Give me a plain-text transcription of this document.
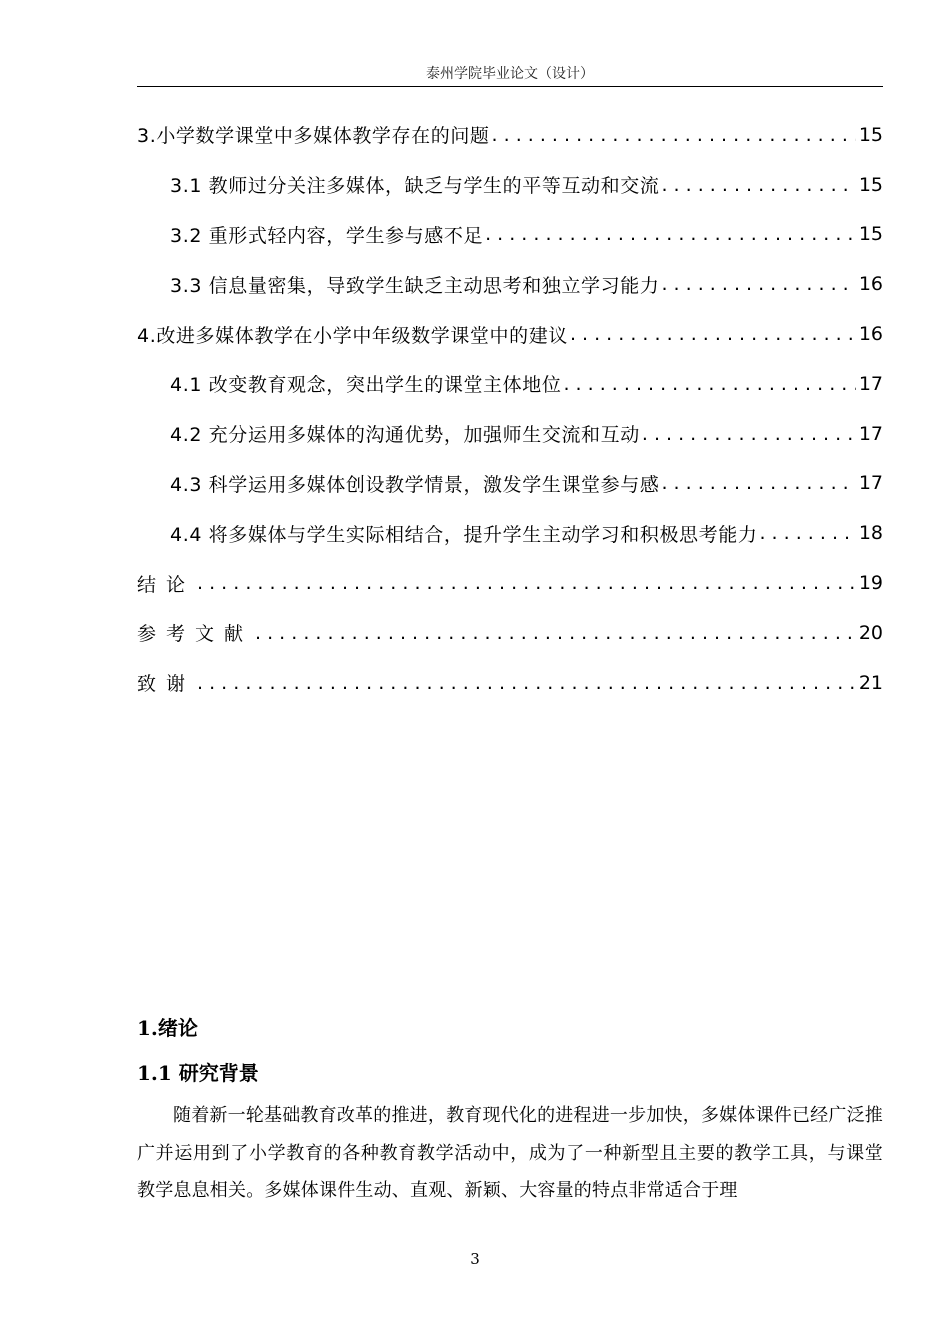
泰州学院毕业论文（设计）
3.小学数学课堂中多媒体教学存在的问题 . . .	15
3.1 教师过分关注多媒体，缺乏与学生的平等互动和交流 . . .	15
3.2 重形式轻内容，学生参与感不足 . . .	15
3.3 信息量密集，导致学生缺乏主动思考和独立学习能力 . . .	16
4.改进多媒体教学在小学中年级数学课堂中的建议 . . .	16
4.1 改变教育观念，突出学生的课堂主体地位 . . .	17
4.2 充分运用多媒体的沟通优势，加强师生交流和互动 . . .	17
4.3 科学运用多媒体创设教学情景，激发学生课堂参与感 . . .	17
4.4 将多媒体与学生实际相结合，提升学生主动学习和积极思考能力 . . .	18
结论 . . .	19
参考文献 . . .	20
致谢 . . .	21
1.绪论
1.1 研究背景
随着新一轮基础教育改革的推进，教育现代化的进程进一步加快，多媒体课件已经广泛推广并运用到了小学教育的各种教育教学活动中，成为了一种新型且主要的教学工具，与课堂教学息息相关。多媒体课件生动、直观、新颖、大容量的特点非常适合于理
3
